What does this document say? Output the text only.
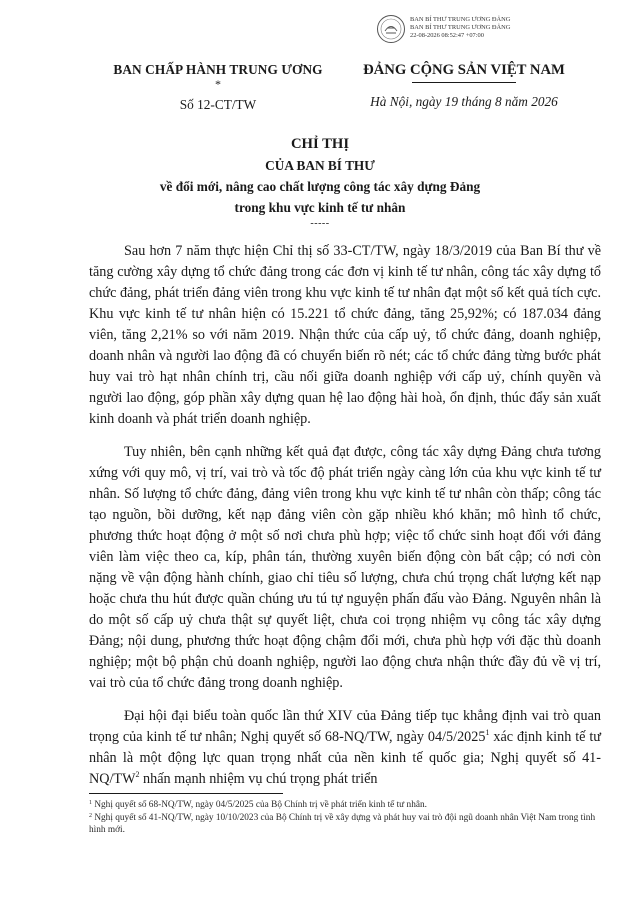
BAN BÍ THƯ TRUNG ƯƠNG ĐẢNG
BAN BÍ THƯ TRUNG ƯƠNG ĐẢNG
22-08-2026 08:52:47 +07:00
BAN CHẤP HÀNH TRUNG ƯƠNG
*
Số 12-CT/TW
ĐẢNG CỘNG SẢN VIỆT NAM
Hà Nội, ngày 19 tháng 8 năm 2026
CHỈ THỊ
CỦA BAN BÍ THƯ
về đổi mới, nâng cao chất lượng công tác xây dựng Đảng
trong khu vực kinh tế tư nhân
-----

Sau hơn 7 năm thực hiện Chỉ thị số 33-CT/TW, ngày 18/3/2019 của Ban Bí thư về tăng cường xây dựng tổ chức đảng trong các đơn vị kinh tế tư nhân, công tác xây dựng tổ chức đảng, phát triển đảng viên trong khu vực kinh tế tư nhân đạt một số kết quả tích cực. Khu vực kinh tế tư nhân hiện có 15.221 tổ chức đảng, tăng 25,92%; có 187.034 đảng viên, tăng 2,21% so với năm 2019. Nhận thức của cấp uỷ, tổ chức đảng, doanh nghiệp, doanh nhân và người lao động đã có chuyển biến rõ nét; các tổ chức đảng từng bước phát huy vai trò hạt nhân chính trị, cầu nối giữa doanh nghiệp với cấp uỷ, chính quyền và người lao động, góp phần xây dựng quan hệ lao động hài hoà, ổn định, thúc đẩy sản xuất kinh doanh và phát triển doanh nghiệp.

Tuy nhiên, bên cạnh những kết quả đạt được, công tác xây dựng Đảng chưa tương xứng với quy mô, vị trí, vai trò và tốc độ phát triển ngày càng lớn của khu vực kinh tế tư nhân. Số lượng tổ chức đảng, đảng viên trong khu vực kinh tế tư nhân còn thấp; công tác tạo nguồn, bồi dưỡng, kết nạp đảng viên còn gặp nhiều khó khăn; mô hình tổ chức, phương thức hoạt động ở một số nơi chưa phù hợp; việc tổ chức sinh hoạt đối với đảng viên làm việc theo ca, kíp, phân tán, thường xuyên biến động còn bất cập; có nơi còn nặng về vận động hành chính, giao chỉ tiêu số lượng, chưa chú trọng chất lượng kết nạp hoặc chưa thu hút được quần chúng ưu tú tự nguyện phấn đấu vào Đảng. Nguyên nhân là do một số cấp uỷ chưa thật sự quyết liệt, chưa coi trọng nhiệm vụ công tác xây dựng Đảng; nội dung, phương thức hoạt động chậm đổi mới, chưa phù hợp với đặc thù doanh nghiệp; một bộ phận chủ doanh nghiệp, người lao động chưa nhận thức đầy đủ về vị trí, vai trò của tổ chức đảng trong doanh nghiệp.

Đại hội đại biểu toàn quốc lần thứ XIV của Đảng tiếp tục khẳng định vai trò quan trọng của kinh tế tư nhân; Nghị quyết số 68-NQ/TW, ngày 04/5/2025$^1$ xác định kinh tế tư nhân là một động lực quan trọng nhất của nền kinh tế quốc gia; Nghị quyết số $41-NQ/TW^2$ nhấn mạnh nhiệm vụ chú trọng phát triển

$^1$ Nghị quyết số 68-NQ/TW, ngày 04/5/2025 của Bộ Chính trị về phát triển kinh tế tư nhân.

$^2$ Nghị quyết số 41-NQ/TW, ngày 10/10/2023 của Bộ Chính trị về xây dựng và phát huy vai trò đội ngũ doanh nhân Việt Nam trong tình hình mới.
